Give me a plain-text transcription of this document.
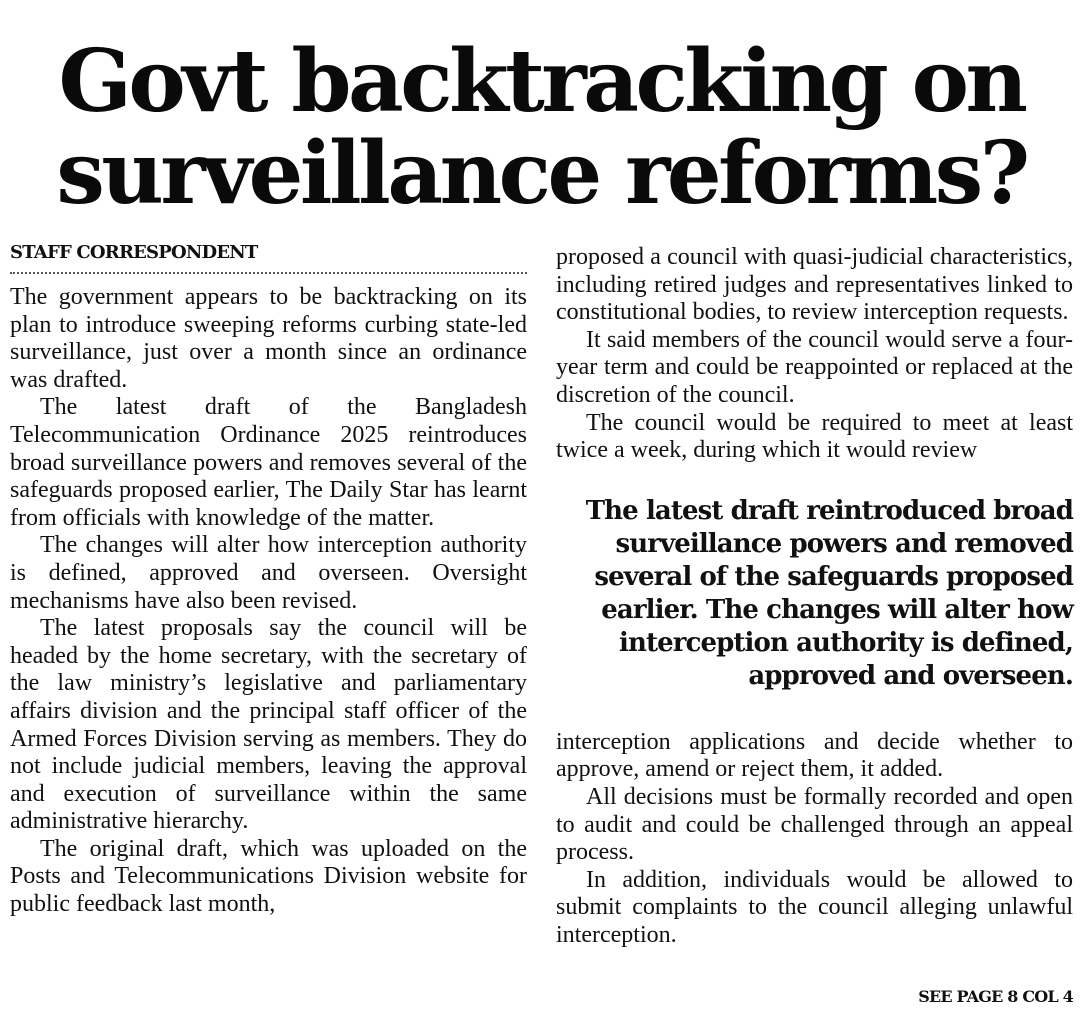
Govt backtracking on
surveillance reforms?
STAFF CORRESPONDENT

The government appears to be backtracking on its plan to introduce sweeping reforms curbing state-led surveillance, just over a month since an ordinance was drafted.

The latest draft of the Bangladesh Telecommunication Ordinance 2025 reintroduces broad surveillance powers and removes several of the safeguards proposed earlier, The Daily Star has learnt from officials with knowledge of the matter.

The changes will alter how interception authority is defined, approved and overseen. Oversight mechanisms have also been revised.

The latest proposals say the council will be headed by the home secretary, with the secretary of the law ministry’s legislative and parliamentary affairs division and the principal staff officer of the Armed Forces Division serving as members. They do not include judicial members, leaving the approval and execution of surveillance within the same administrative hierarchy.

The original draft, which was uploaded on the Posts and Telecommunications Division website for public feedback last month,

proposed a council with quasi-judicial characteristics, including retired judges and representatives linked to constitutional bodies, to review interception requests.

It said members of the council would serve a four-year term and could be reappointed or replaced at the discretion of the council.

The council would be required to meet at least twice a week, during which it would review

The latest draft reintroduced broad surveillance powers and removed several of the safeguards proposed earlier. The changes will alter how interception authority is defined, approved and overseen.

interception applications and decide whether to approve, amend or reject them, it added.

All decisions must be formally recorded and open to audit and could be challenged through an appeal process.

In addition, individuals would be allowed to submit complaints to the council alleging unlawful interception.

SEE PAGE 8 COL 4
